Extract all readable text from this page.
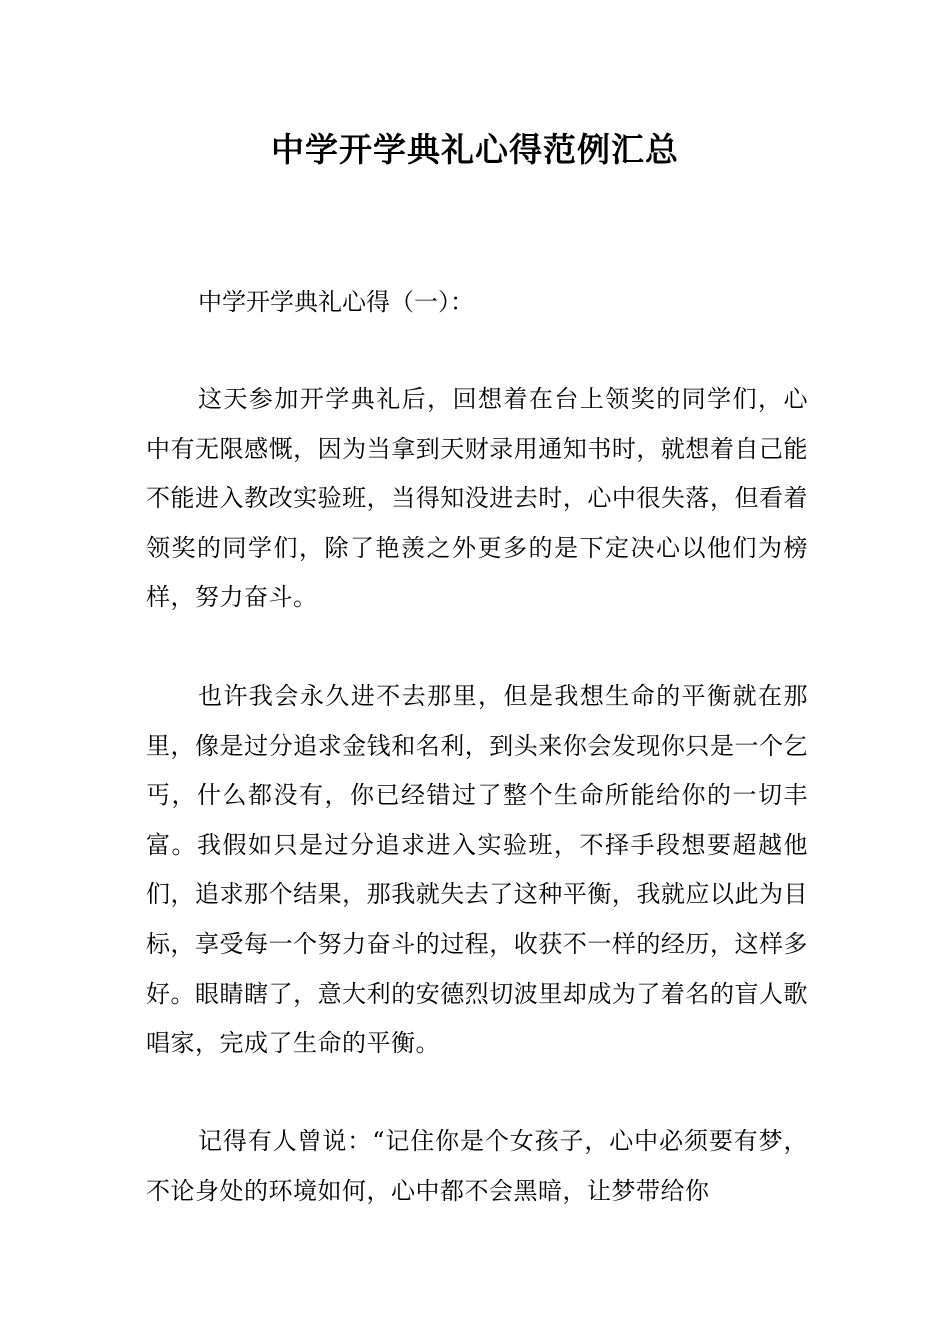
中学开学典礼心得范例汇总
中学开学典礼心得（一）：

这天参加开学典礼后，回想着在台上领奖的同学们，心中有无限感慨，因为当拿到天财录用通知书时，就想着自己能不能进入教改实验班，当得知没进去时，心中很失落，但看着领奖的同学们，除了艳羡之外更多的是下定决心以他们为榜样，努力奋斗。

也许我会永久进不去那里，但是我想生命的平衡就在那里，像是过分追求金钱和名利，到头来你会发现你只是一个乞丐，什么都没有，你已经错过了整个生命所能给你的一切丰富。我假如只是过分追求进入实验班，不择手段想要超越他们，追求那个结果，那我就失去了这种平衡，我就应以此为目标，享受每一个努力奋斗的过程，收获不一样的经历，这样多好。眼睛瞎了，意大利的安德烈切波里却成为了着名的盲人歌唱家，完成了生命的平衡。

记得有人曾说：“记住你是个女孩子，心中必须要有梦，不论身处的环境如何，心中都不会黑暗，让梦带给你
